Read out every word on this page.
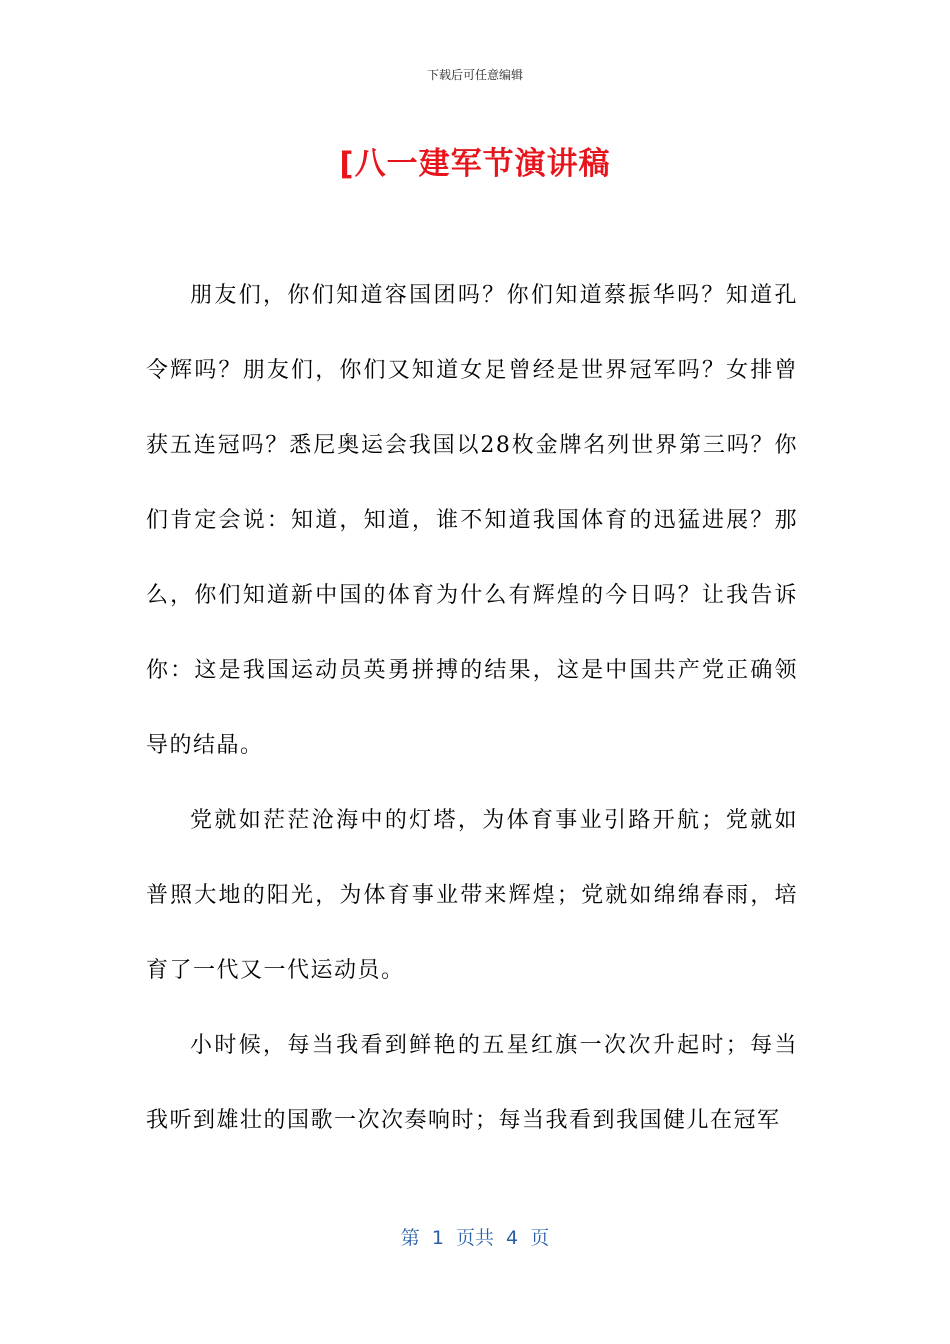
下载后可任意编辑
[八一建军节演讲稿

朋友们，你们知道容国团吗？你们知道蔡振华吗？知道孔令辉吗？朋友们，你们又知道女足曾经是世界冠军吗？女排曾获五连冠吗？悉尼奥运会我国以28枚金牌名列世界第三吗？你们肯定会说：知道，知道，谁不知道我国体育的迅猛进展？那么，你们知道新中国的体育为什么有辉煌的今日吗？让我告诉你：这是我国运动员英勇拼搏的结果，这是中国共产党正确领导的结晶。

党就如茫茫沧海中的灯塔，为体育事业引路开航；党就如普照大地的阳光，为体育事业带来辉煌；党就如绵绵春雨，培育了一代又一代运动员。

小时候，每当我看到鲜艳的五星红旗一次次升起时；每当我听到雄壮的国歌一次次奏响时；每当我看到我国健儿在冠军

第 1 页共 4 页
